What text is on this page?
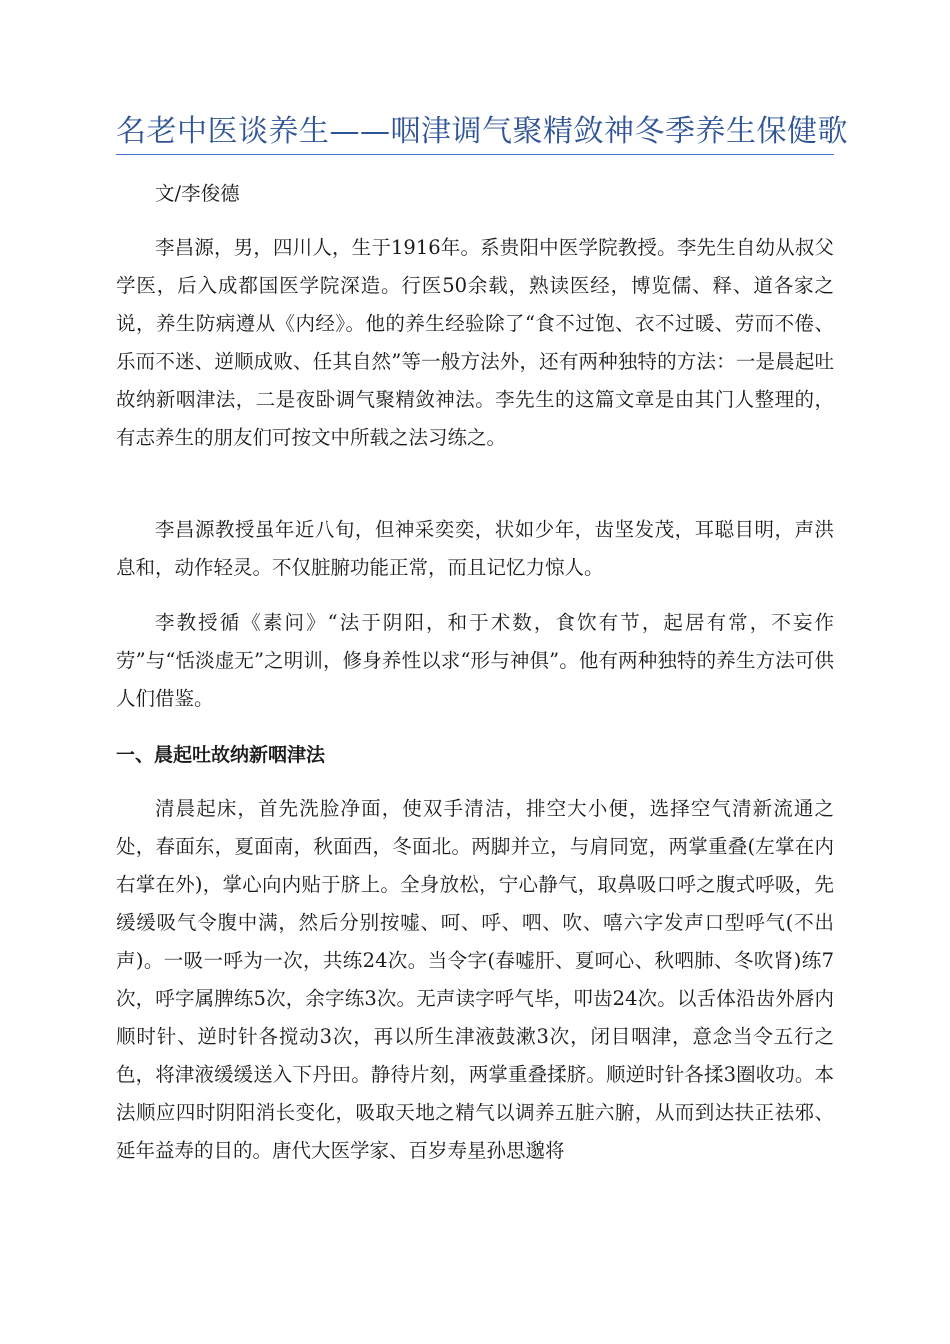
名老中医谈养生——咽津调气聚精敛神冬季养生保健歌

文/李俊德

李昌源，男，四川人，生于1916年。系贵阳中医学院教授。李先生自幼从叔父学医，后入成都国医学院深造。行医50余载，熟读医经，博览儒、释、道各家之说，养生防病遵从《内经》。他的养生经验除了“食不过饱、衣不过暖、劳而不倦、乐而不迷、逆顺成败、任其自然”等一般方法外，还有两种独特的方法：一是晨起吐故纳新咽津法，二是夜卧调气聚精敛神法。李先生的这篇文章是由其门人整理的，有志养生的朋友们可按文中所载之法习练之。

李昌源教授虽年近八旬，但神采奕奕，状如少年，齿坚发茂，耳聪目明，声洪息和，动作轻灵。不仅脏腑功能正常，而且记忆力惊人。

李教授循《素问》“法于阴阳，和于术数，食饮有节，起居有常，不妄作劳”与“恬淡虚无”之明训，修身养性以求“形与神俱”。他有两种独特的养生方法可供人们借鉴。

一、晨起吐故纳新咽津法

清晨起床，首先洗脸净面，使双手清洁，排空大小便，选择空气清新流通之处，春面东，夏面南，秋面西，冬面北。两脚并立，与肩同宽，两掌重叠(左掌在内右掌在外)，掌心向内贴于脐上。全身放松，宁心静气，取鼻吸口呼之腹式呼吸，先缓缓吸气令腹中满，然后分别按嘘、呵、呼、呬、吹、嘻六字发声口型呼气(不出声)。一吸一呼为一次，共练24次。当令字(春嘘肝、夏呵心、秋呬肺、冬吹肾)练7次，呼字属脾练5次，余字练3次。无声读字呼气毕，叩齿24次。以舌体沿齿外唇内顺时针、逆时针各搅动3次，再以所生津液鼓漱3次，闭目咽津，意念当令五行之色，将津液缓缓送入下丹田。静待片刻，两掌重叠揉脐。顺逆时针各揉3圈收功。本法顺应四时阴阳消长变化，吸取天地之精气以调养五脏六腑，从而到达扶正祛邪、延年益寿的目的。唐代大医学家、百岁寿星孙思邈将
